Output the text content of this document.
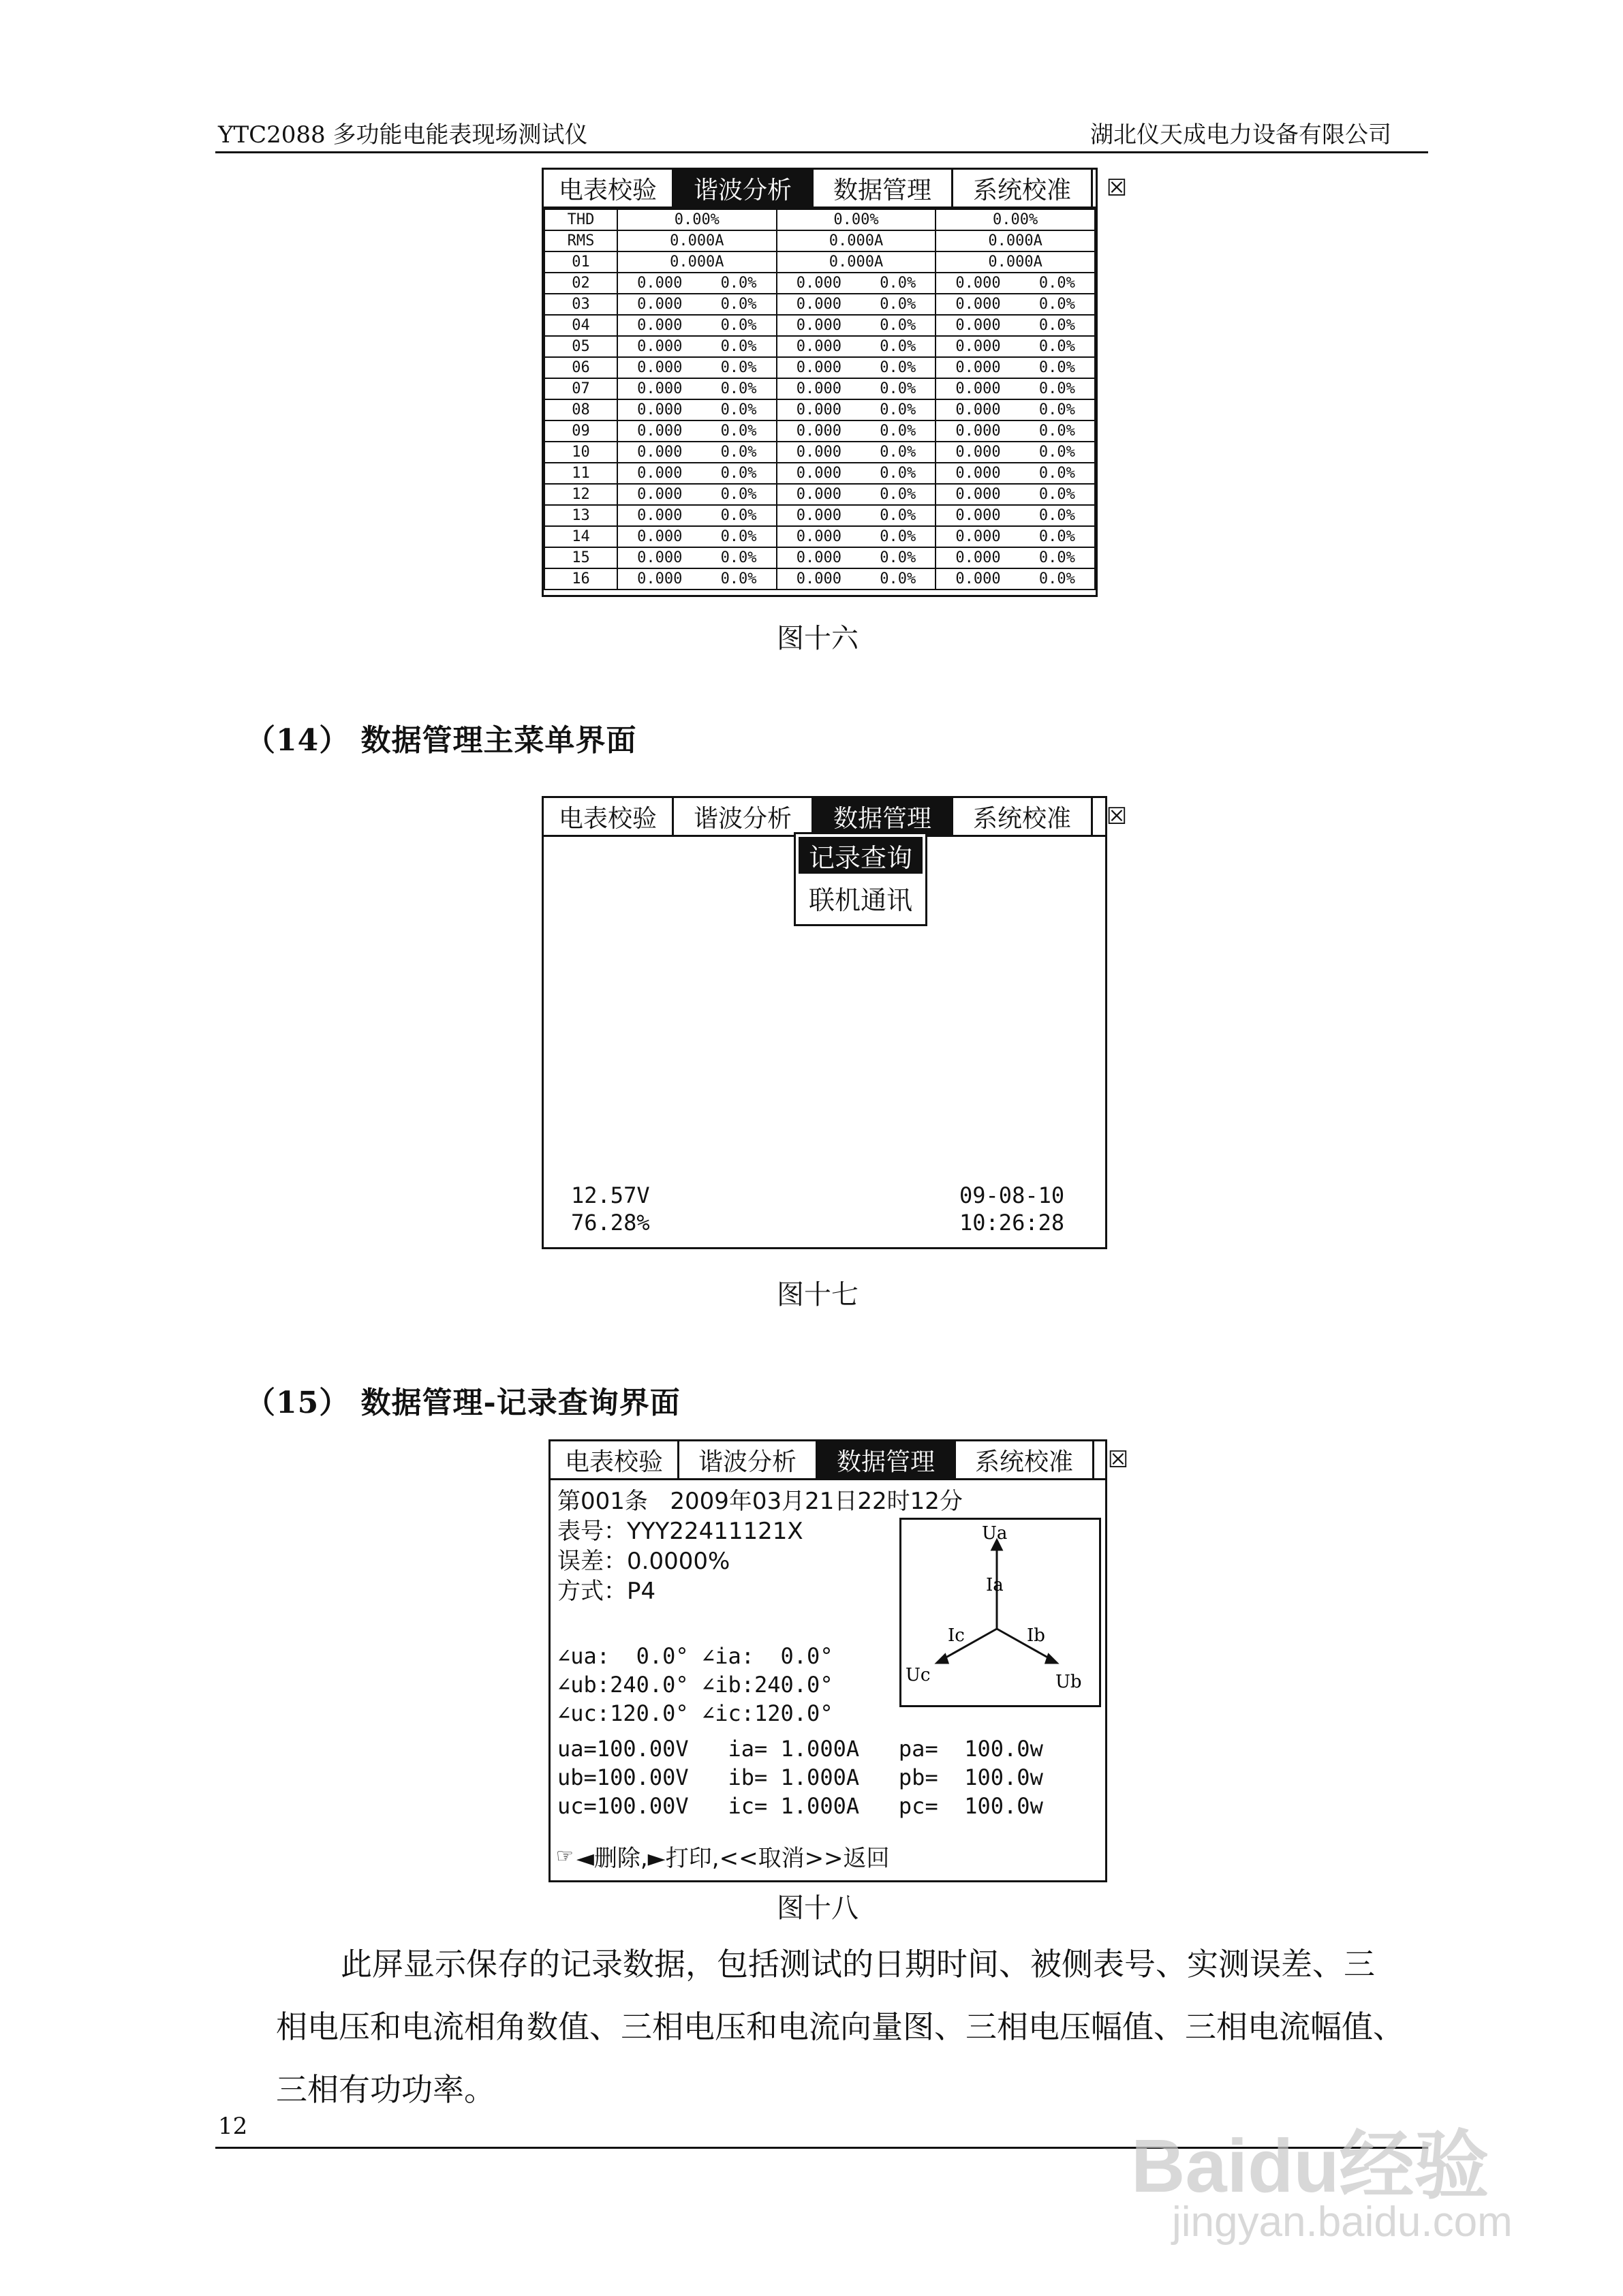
YTC2088 多功能电能表现场测试仪	湖北仪天成电力设备有限公司
电表校验	谐波分析	数据管理	系统校准	☒
THD	0.00%	0.00%	0.00%
RMS	0.000A	0.000A	0.000A
01	0.000A	0.000A	0.000A
02	0.000 0.0%	0.000 0.0%	0.000 0.0%

03	0.000 0.0%	0.000 0.0%	0.000 0.0%

04	0.000 0.0%	0.000 0.0%	0.000 0.0%

05	0.000 0.0%	0.000 0.0%	0.000 0.0%

06	0.000 0.0%	0.000 0.0%	0.000 0.0%

07	0.000 0.0%	0.000 0.0%	0.000 0.0%

08	0.000 0.0%	0.000 0.0%	0.000 0.0%

09	0.000 0.0%	0.000 0.0%	0.000 0.0%

10	0.000 0.0%	0.000 0.0%	0.000 0.0%

11	0.000 0.0%	0.000 0.0%	0.000 0.0%

12	0.000 0.0%	0.000 0.0%	0.000 0.0%

13	0.000 0.0%	0.000 0.0%	0.000 0.0%

14	0.000 0.0%	0.000 0.0%	0.000 0.0%

15	0.000 0.0%	0.000 0.0%	0.000 0.0%

16	0.000 0.0%	0.000 0.0%	0.000 0.0%
图十六
（14） 数据管理主菜单界面
电表校验	谐波分析	数据管理	系统校准	☒
记录查询
联机通讯
12.57V
76.28%
09-08-10
10:26:28
图十七
（15） 数据管理-记录查询界面
电表校验	谐波分析	数据管理	系统校准	☒
第001条   2009年03月21日22时12分
表号：YYY22411121X
误差：0.0000%
方式：P4
∠ua:  0.0° ∠ia:  0.0°
∠ub:240.0° ∠ib:240.0°
∠uc:120.0° ∠ic:120.0°
Ua
Ia
Ic	Ib
Uc	Ub
ua=100.00V   ia= 1.000A   pa=  100.0w
ub=100.00V   ib= 1.000A   pb=  100.0w
uc=100.00V   ic= 1.000A   pc=  100.0w
☞ ◄删除,►打印,<<取消>>返回
图十八
此屏显示保存的记录数据，包括测试的日期时间、被侧表号、实测误差、三
相电压和电流相角数值、三相电压和电流向量图、三相电压幅值、三相电流幅值、
三相有功功率。
12	Baidu经验
jingyan.baidu.com
